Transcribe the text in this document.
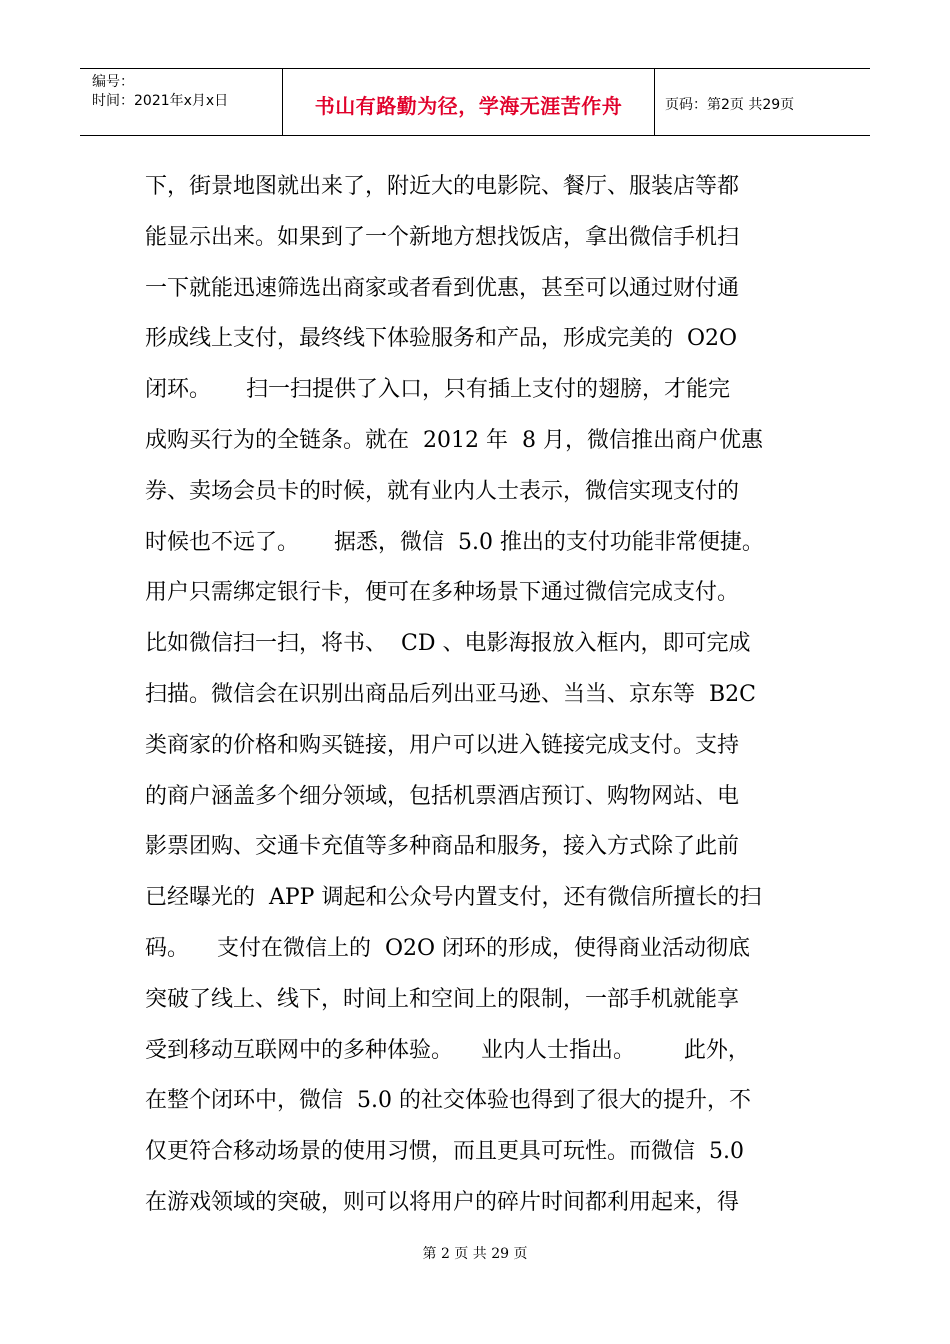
编号：
时间：2021年x月x日	书山有路勤为径，学海无涯苦作舟	页码：第2页 共29页

下，街景地图就出来了，附近大的电影院、餐厅、服装店等都

能显示出来。如果到了一个新地方想找饭店，拿出微信手机扫

一下就能迅速筛选出商家或者看到优惠，甚至可以通过财付通

形成线上支付，最终线下体验服务和产品，形成完美的  O2O

闭环。     扫一扫提供了入口，只有插上支付的翅膀，才能完

成购买行为的全链条。就在  2012 年  8 月，微信推出商户优惠

券、卖场会员卡的时候，就有业内人士表示，微信实现支付的

时候也不远了。     据悉，微信  5.0 推出的支付功能非常便捷。

用户只需绑定银行卡，便可在多种场景下通过微信完成支付。

比如微信扫一扫，将书、  CD 、电影海报放入框内，即可完成

扫描。微信会在识别出商品后列出亚马逊、当当、京东等  B2C

类商家的价格和购买链接，用户可以进入链接完成支付。支持

的商户涵盖多个细分领域，包括机票酒店预订、购物网站、电

影票团购、交通卡充值等多种商品和服务，接入方式除了此前

已经曝光的  APP 调起和公众号内置支付，还有微信所擅长的扫

码。    支付在微信上的  O2O 闭环的形成，使得商业活动彻底

突破了线上、线下，时间上和空间上的限制，一部手机就能享

受到移动互联网中的多种体验。    业内人士指出。       此外，

在整个闭环中，微信  5.0 的社交体验也得到了很大的提升，不

仅更符合移动场景的使用习惯，而且更具可玩性。而微信  5.0

在游戏领域的突破，则可以将用户的碎片时间都利用起来，得

第 2 页 共 29 页
